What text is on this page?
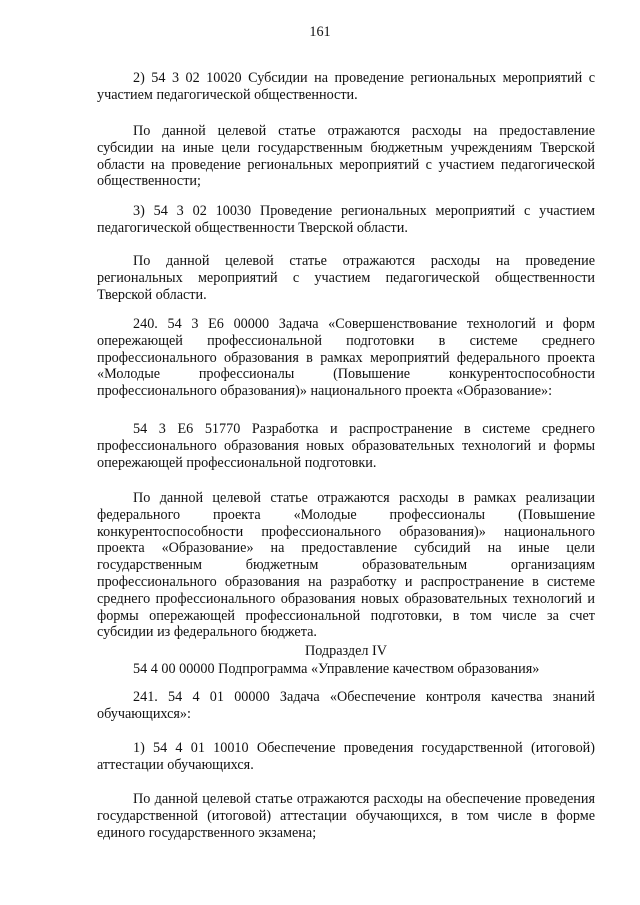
161
2) 54 3 02 10020 Субсидии на проведение региональных мероприятий с участием педагогической общественности.
По данной целевой статье отражаются расходы на предоставление субсидии на иные цели государственным бюджетным учреждениям Тверской области на проведение региональных мероприятий с участием педагогической общественности;
3) 54 3 02 10030 Проведение региональных мероприятий с участием педагогической общественности Тверской области.
По данной целевой статье отражаются расходы на проведение региональных мероприятий с участием педагогической общественности Тверской области.
240. 54 3 E6 00000 Задача «Совершенствование технологий и форм опережающей профессиональной подготовки в системе среднего профессионального образования в рамках мероприятий федерального проекта «Молодые профессионалы (Повышение конкурентоспособности профессионального образования)» национального проекта «Образование»:
54 3 E6 51770 Разработка и распространение в системе среднего профессионального образования новых образовательных технологий и формы опережающей профессиональной подготовки.
По данной целевой статье отражаются расходы в рамках реализации федерального проекта «Молодые профессионалы (Повышение конкурентоспособности профессионального образования)» национального проекта «Образование» на предоставление субсидий на иные цели государственным бюджетным образовательным организациям профессионального образования на разработку и распространение в системе среднего профессионального образования новых образовательных технологий и формы опережающей профессиональной подготовки, в том числе за счет субсидии из федерального бюджета.
Подраздел IV
54 4 00 00000 Подпрограмма «Управление качеством образования»
241. 54 4 01 00000 Задача «Обеспечение контроля качества знаний обучающихся»:
1) 54 4 01 10010 Обеспечение проведения государственной (итоговой) аттестации обучающихся.
По данной целевой статье отражаются расходы на обеспечение проведения государственной (итоговой) аттестации обучающихся, в том числе в форме единого государственного экзамена;
